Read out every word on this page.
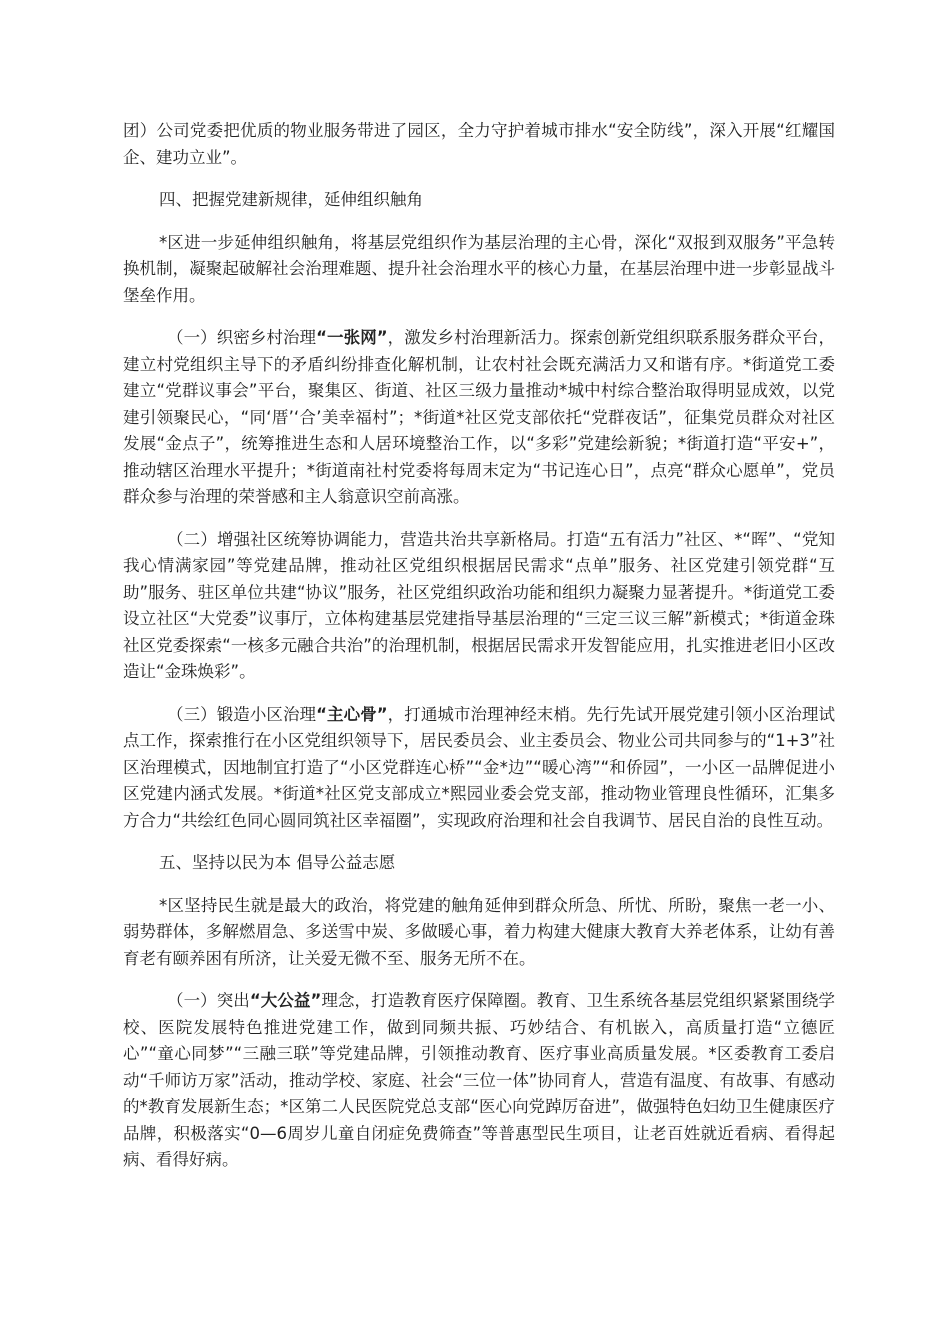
团）公司党委把优质的物业服务带进了园区，全力守护着城市排水“安全防线”，深入开展“红耀国企、建功立业”。

四、把握党建新规律，延伸组织触角

*区进一步延伸组织触角，将基层党组织作为基层治理的主心骨，深化“双报到双服务”平急转换机制，凝聚起破解社会治理难题、提升社会治理水平的核心力量，在基层治理中进一步彰显战斗堡垒作用。

（一）织密乡村治理“一张网”，激发乡村治理新活力。探索创新党组织联系服务群众平台，建立村党组织主导下的矛盾纠纷排查化解机制，让农村社会既充满活力又和谐有序。*街道党工委建立“党群议事会”平台，聚集区、街道、社区三级力量推动*城中村综合整治取得明显成效，以党建引领聚民心，“同‘厝’‘合’美幸福村”；*街道*社区党支部依托“党群夜话”，征集党员群众对社区发展“金点子”，统筹推进生态和人居环境整治工作，以“多彩”党建绘新貌；*街道打造“平安+”，推动辖区治理水平提升；*街道南社村党委将每周末定为“书记连心日”，点亮“群众心愿单”，党员群众参与治理的荣誉感和主人翁意识空前高涨。

（二）增强社区统筹协调能力，营造共治共享新格局。打造“五有活力”社区、*“晖”、“党知我心情满家园”等党建品牌，推动社区党组织根据居民需求“点单”服务、社区党建引领党群“互助”服务、驻区单位共建“协议”服务，社区党组织政治功能和组织力凝聚力显著提升。*街道党工委设立社区“大党委”议事厅，立体构建基层党建指导基层治理的“三定三议三解”新模式；*街道金珠社区党委探索“一核多元融合共治”的治理机制，根据居民需求开发智能应用，扎实推进老旧小区改造让“金珠焕彩”。

（三）锻造小区治理“主心骨”，打通城市治理神经末梢。先行先试开展党建引领小区治理试点工作，探索推行在小区党组织领导下，居民委员会、业主委员会、物业公司共同参与的“1+3”社区治理模式，因地制宜打造了“小区党群连心桥”“金*边”“暖心湾”“和侨园”，一小区一品牌促进小区党建内涵式发展。*街道*社区党支部成立*熙园业委会党支部，推动物业管理良性循环，汇集多方合力“共绘红色同心圆同筑社区幸福圈”，实现政府治理和社会自我调节、居民自治的良性互动。

五、坚持以民为本 倡导公益志愿

*区坚持民生就是最大的政治，将党建的触角延伸到群众所急、所忧、所盼，聚焦一老一小、弱势群体，多解燃眉急、多送雪中炭、多做暖心事，着力构建大健康大教育大养老体系，让幼有善育老有颐养困有所济，让关爱无微不至、服务无所不在。

（一）突出“大公益”理念，打造教育医疗保障圈。教育、卫生系统各基层党组织紧紧围绕学校、医院发展特色推进党建工作，做到同频共振、巧妙结合、有机嵌入，高质量打造“立德匠心”“童心同梦”“三融三联”等党建品牌，引领推动教育、医疗事业高质量发展。*区委教育工委启动“千师访万家”活动，推动学校、家庭、社会“三位一体”协同育人，营造有温度、有故事、有感动的*教育发展新生态；*区第二人民医院党总支部“医心向党踔厉奋进”，做强特色妇幼卫生健康医疗品牌，积极落实“0—6周岁儿童自闭症免费筛查”等普惠型民生项目，让老百姓就近看病、看得起病、看得好病。
